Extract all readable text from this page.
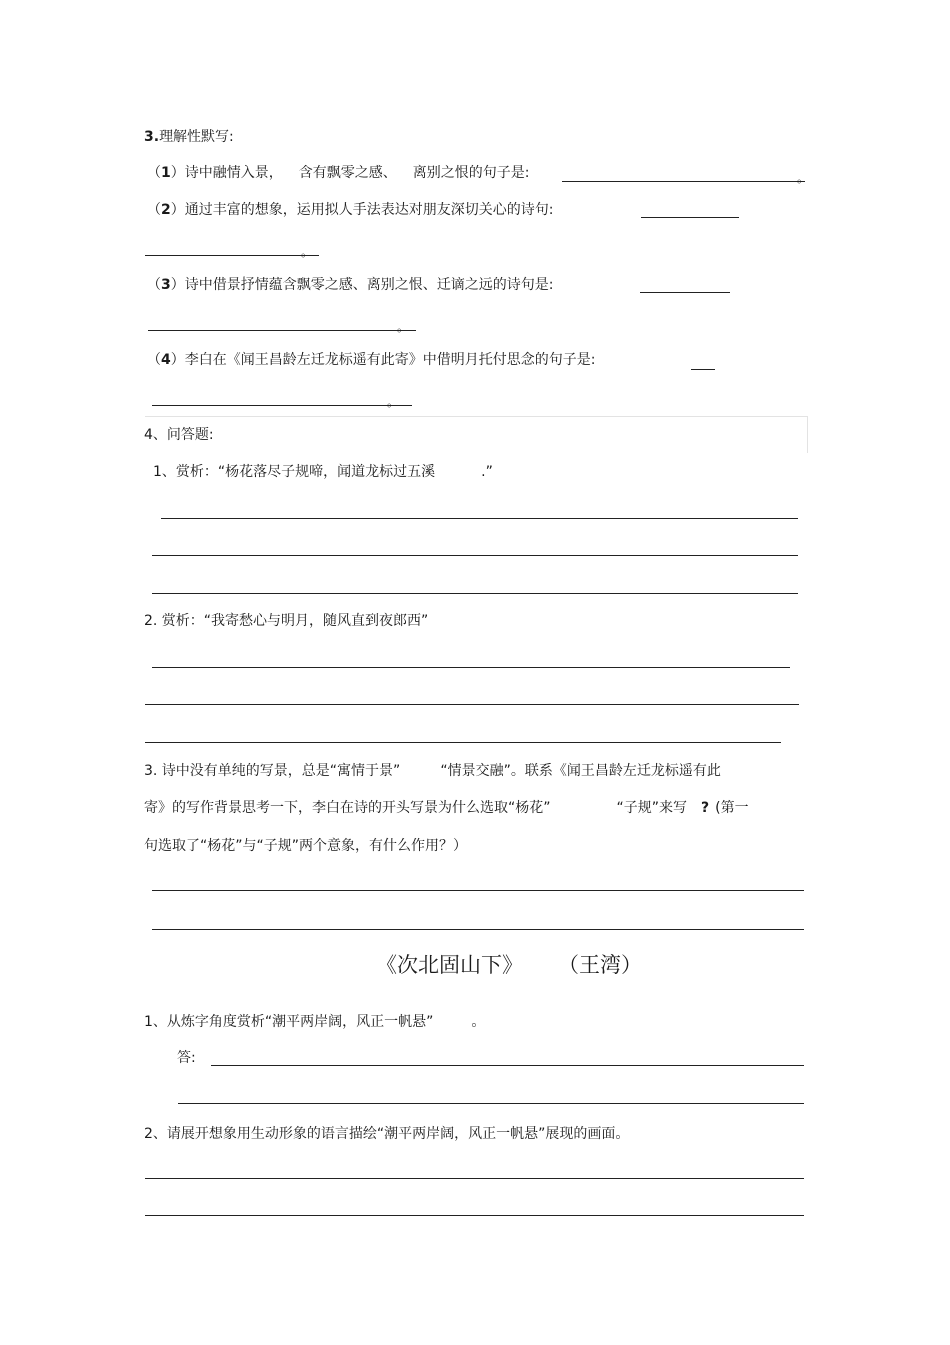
3.理解性默写:
（1）诗中融情入景， 含有飘零之感、 离别之恨的句子是:	。
（2）通过丰富的想象，运用拟人手法表达对朋友深切关心的诗句:
。
（3）诗中借景抒情蕴含飘零之感、离别之恨、迁谪之远的诗句是:
。
（4）李白在《闻王昌龄左迁龙标遥有此寄》中借明月托付思念的句子是:
。
4、问答题:
1、赏析：“杨花落尽子规啼，闻道龙标过五溪	.”
2. 赏析：“我寄愁心与明月，随风直到夜郎西”
3. 诗中没有单纯的写景，总是“寓情于景”	“情景交融”。联系《闻王昌龄左迁龙标遥有此
寄》的写作背景思考一下，李白在诗的开头写景为什么选取“杨花”	“子规”来写 ? (第一
句选取了“杨花”与“子规”两个意象，有什么作用？）
《次北固山下》 （王湾）
1、从炼字角度赏析“潮平两岸阔，风正一帆悬”	。
答:
2、请展开想象用生动形象的语言描绘“潮平两岸阔，风正一帆悬”展现的画面。
